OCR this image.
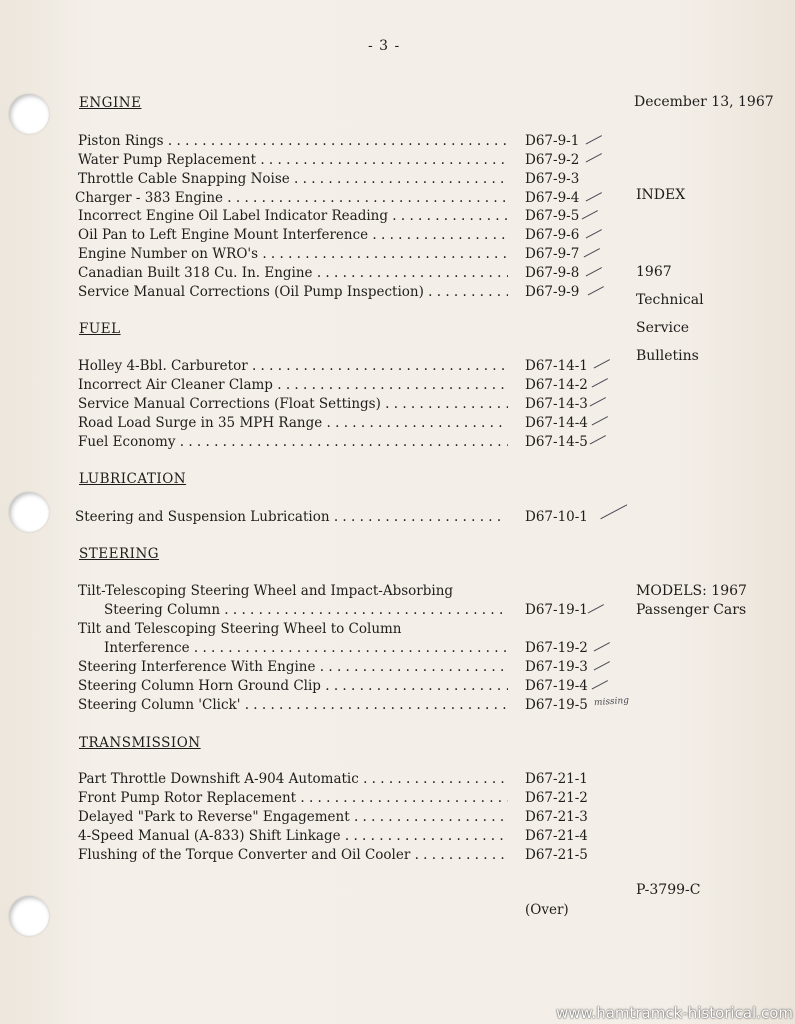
- 3 -
December 13, 1967
INDEX
1967
Technical
Service
Bulletins
MODELS: 1967
Passenger Cars
ENGINE
Piston Rings . . .	D67-9-1
Water Pump Replacement . . .	D67-9-2
Throttle Cable Snapping Noise . . .	D67-9-3
Charger - 383 Engine . . .	D67-9-4
Incorrect Engine Oil Label Indicator Reading . . .	D67-9-5
Oil Pan to Left Engine Mount Interference . . .	D67-9-6
Engine Number on WRO's . . .	D67-9-7
Canadian Built 318 Cu. In. Engine . . .	D67-9-8
Service Manual Corrections (Oil Pump Inspection) . . .	D67-9-9
FUEL
Holley 4-Bbl. Carburetor . . .	D67-14-1
Incorrect Air Cleaner Clamp . . .	D67-14-2
Service Manual Corrections (Float Settings) . . .	D67-14-3
Road Load Surge in 35 MPH Range . . .	D67-14-4
Fuel Economy . . .	D67-14-5
LUBRICATION
Steering and Suspension Lubrication . . .	D67-10-1
STEERING
Tilt-Telescoping Steering Wheel and Impact-Absorbing
Steering Column . . .	D67-19-1
Tilt and Telescoping Steering Wheel to Column
Interference . . .	D67-19-2
Steering Interference With Engine . . .	D67-19-3
Steering Column Horn Ground Clip . . .	D67-19-4
Steering Column 'Click' . . .	D67-19-5
TRANSMISSION
Part Throttle Downshift A-904 Automatic . . .	D67-21-1
Front Pump Rotor Replacement . . .	D67-21-2
Delayed "Park to Reverse" Engagement . . .	D67-21-3
4-Speed Manual (A-833) Shift Linkage . . .	D67-21-4
Flushing of the Torque Converter and Oil Cooler . . .	D67-21-5
missing
P-3799-C
(Over)
www.hamtramck-historical.com
